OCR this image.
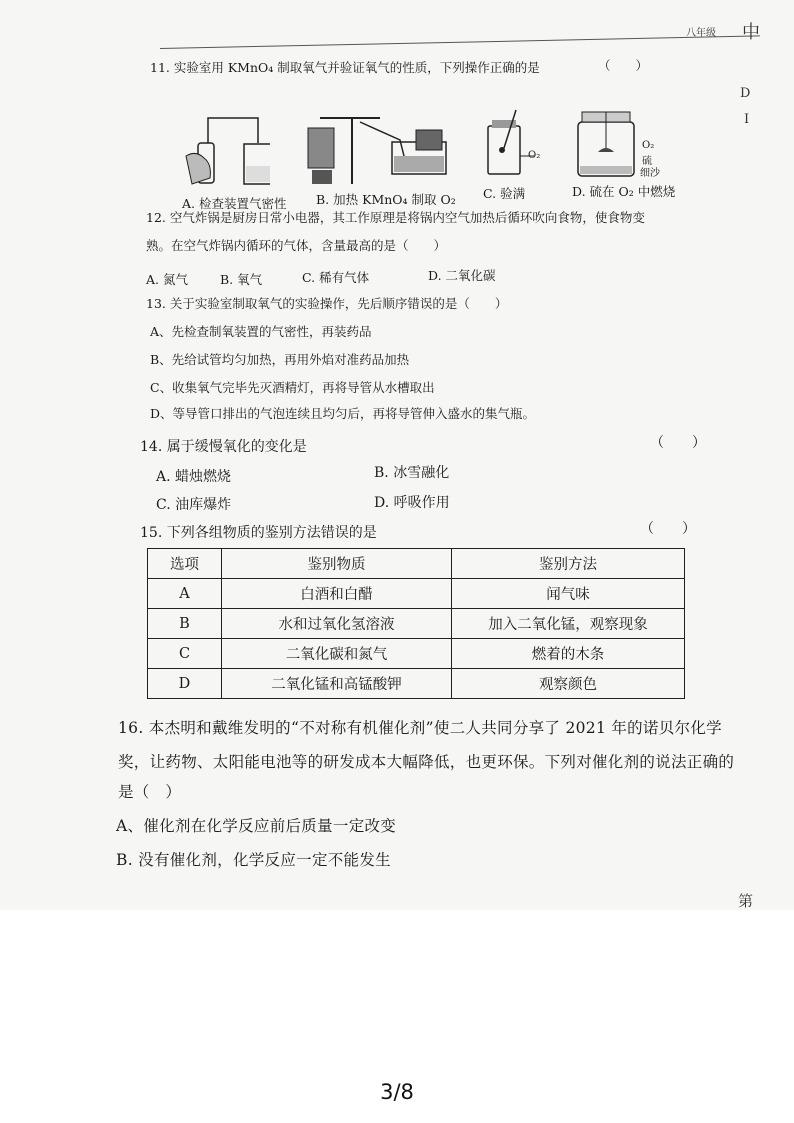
八年级 中
D
I
第
11. 实验室用 KMnO₄ 制取氧气并验证氧气的性质，下列操作正确的是	（　　）
O₂
O₂
硫
细沙
A. 检查装置气密性 B. 加热 KMnO₄ 制取 O₂ C. 验满	D. 硫在 O₂ 中燃烧
12. 空气炸锅是厨房日常小电器，其工作原理是将锅内空气加热后循环吹向食物，使食物变
熟。在空气炸锅内循环的气体，含量最高的是（　　）
A. 氮气	B. 氧气	C. 稀有气体	D. 二氧化碳
13. 关于实验室制取氧气的实验操作，先后顺序错误的是（　　）
A、先检查制氧装置的气密性，再装药品
B、先给试管均匀加热，再用外焰对准药品加热
C、收集氧气完毕先灭酒精灯，再将导管从水槽取出
D、等导管口排出的气泡连续且均匀后，再将导管伸入盛水的集气瓶。
14. 属于缓慢氧化的变化是	（　　）
A. 蜡烛燃烧	B. 冰雪融化
C. 油库爆炸	D. 呼吸作用
15. 下列各组物质的鉴别方法错误的是	（　　）
选项	鉴别物质	鉴别方法
A	白酒和白醋	闻气味
B	水和过氧化氢溶液	加入二氧化锰，观察现象
C	二氧化碳和氮气	燃着的木条
D	二氧化锰和高锰酸钾	观察颜色
16. 本杰明和戴维发明的“不对称有机催化剂”使二人共同分享了 2021 年的诺贝尔化学
奖，让药物、太阳能电池等的研发成本大幅降低，也更环保。下列对催化剂的说法正确的
是（　）
A、催化剂在化学反应前后质量一定改变
B. 没有催化剂，化学反应一定不能发生
3/8
